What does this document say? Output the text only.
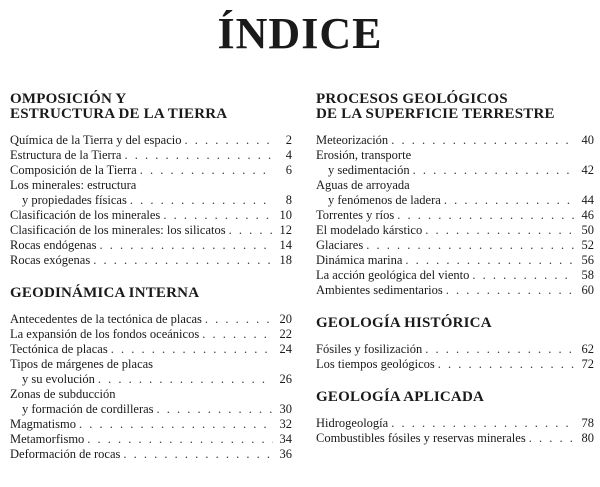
ÍNDICE
OMPOSICIÓN Y
ESTRUCTURA DE LA TIERRA
Química de la Tierra y del espacio . . .	2
Estructura de la Tierra . . .	4
Composición de la Tierra . . .	6
Los minerales: estructura
y propiedades físicas . . .	8
Clasificación de los minerales . . .	10
Clasificación de los minerales: los silicatos . . .	12
Rocas endógenas . . .	14
Rocas exógenas . . .	18
GEODINÁMICA INTERNA
Antecedentes de la tectónica de placas . . .	20
La expansión de los fondos oceánicos . . .	22
Tectónica de placas . . .	24
Tipos de márgenes de placas
y su evolución . . .	26
Zonas de subducción
y formación de cordilleras . . .	30
Magmatismo . . .	32
Metamorfismo . . .	34
Deformación de rocas . . .	36
PROCESOS GEOLÓGICOS
DE LA SUPERFICIE TERRESTRE
Meteorización . . .	40
Erosión, transporte
y sedimentación . . .	42
Aguas de arroyada
y fenómenos de ladera . . .	44
Torrentes y ríos . . .	46
El modelado kárstico . . .	50
Glaciares . . .	52
Dinámica marina . . .	56
La acción geológica del viento . . .	58
Ambientes sedimentarios . . .	60
GEOLOGÍA HISTÓRICA
Fósiles y fosilización . . .	62
Los tiempos geológicos . . .	72
GEOLOGÍA APLICADA
Hidrogeología . . .	78
Combustibles fósiles y reservas minerales . . .	80
